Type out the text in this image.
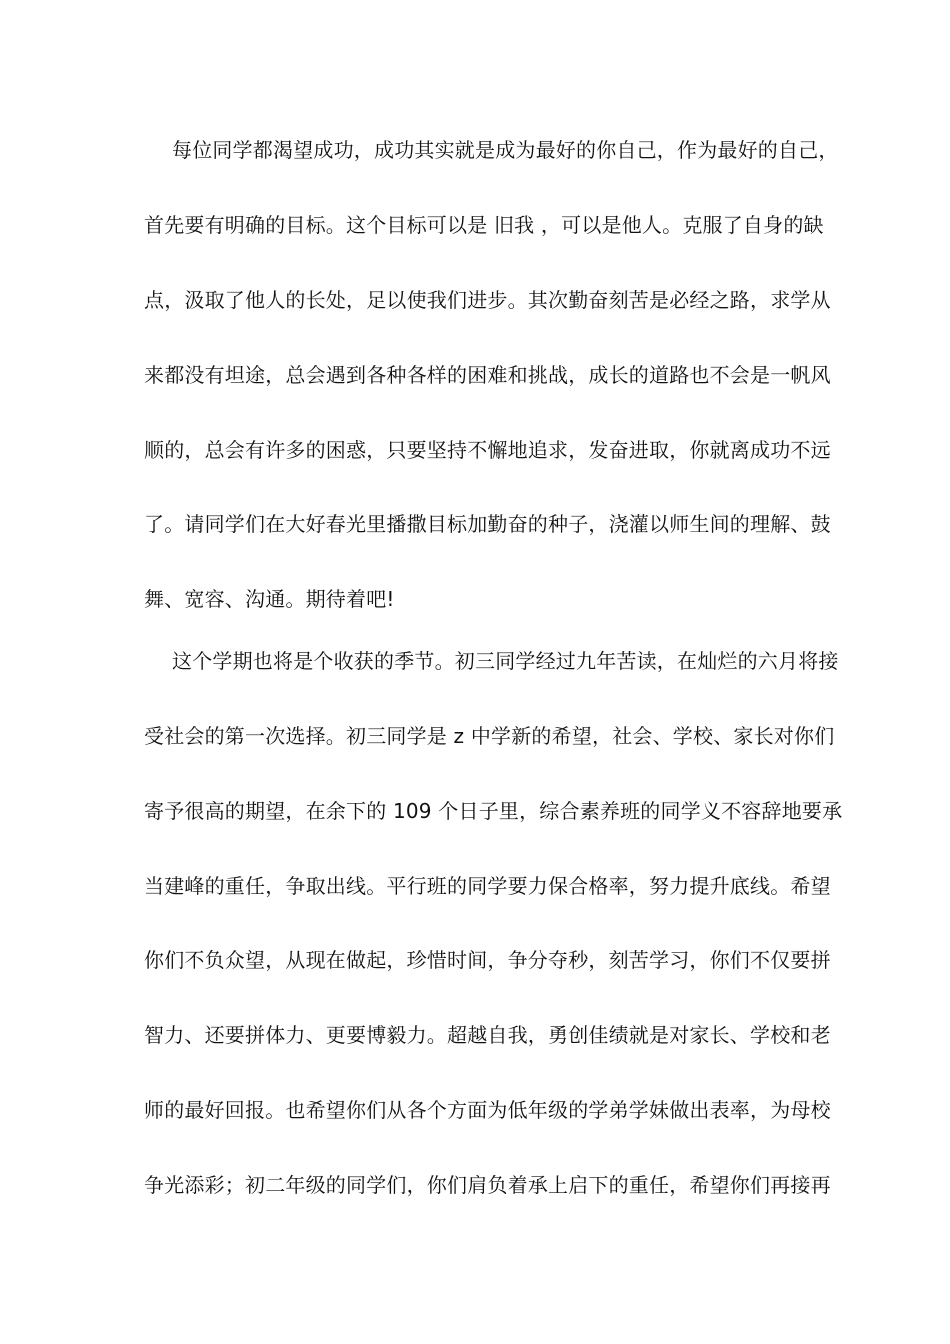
每位同学都渴望成功，成功其实就是成为最好的你自己，作为最好的自己，
首先要有明确的目标。这个目标可以是 旧我 ，可以是他人。克服了自身的缺
点，汲取了他人的长处，足以使我们进步。其次勤奋刻苦是必经之路，求学从
来都没有坦途，总会遇到各种各样的困难和挑战，成长的道路也不会是一帆风
顺的，总会有许多的困惑，只要坚持不懈地追求，发奋进取，你就离成功不远
了。请同学们在大好春光里播撒目标加勤奋的种子，浇灌以师生间的理解、鼓
舞、宽容、沟通。期待着吧!
这个学期也将是个收获的季节。初三同学经过九年苦读，在灿烂的六月将接
受社会的第一次选择。初三同学是 z 中学新的希望，社会、学校、家长对你们
寄予很高的期望，在余下的 109 个日子里，综合素养班的同学义不容辞地要承
当建峰的重任，争取出线。平行班的同学要力保合格率，努力提升底线。希望
你们不负众望，从现在做起，珍惜时间，争分夺秒，刻苦学习，你们不仅要拼
智力、还要拼体力、更要博毅力。超越自我，勇创佳绩就是对家长、学校和老
师的最好回报。也希望你们从各个方面为低年级的学弟学妹做出表率，为母校
争光添彩；初二年级的同学们，你们肩负着承上启下的重任，希望你们再接再
